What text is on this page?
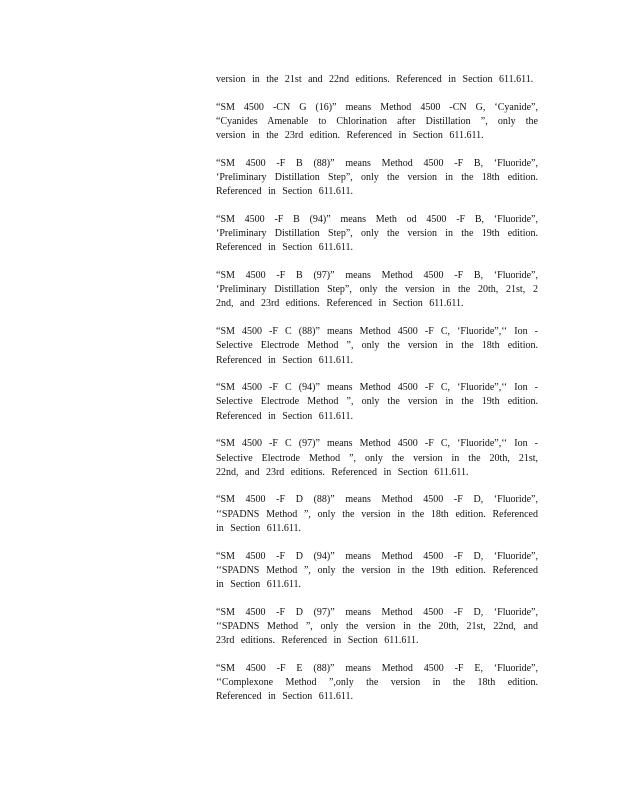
version in the 21st and 22nd editions. Referenced in Section 611.611.

“SM 4500 -CN G (16)” means Method 4500 -CN G, ‘Cyanide”, “Cyanides Amenable to Chlorination after Distillation ”, only the version in the 23rd edition. Referenced in Section 611.611.

“SM 4500 -F B (88)” means Method 4500 -F B, ‘Fluoride”, ‘Preliminary Distillation Step”, only the version in the 18th edition. Referenced in Section 611.611.

“SM 4500 -F B (94)” means Meth od 4500 -F B, ‘Fluoride”, ‘Preliminary Distillation Step”, only the version in the 19th edition. Referenced in Section 611.611.

“SM 4500 -F B (97)” means Method 4500 -F B, ‘Fluoride”, ‘Preliminary Distillation Step”, only the version in the 20th, 21st, 2 2nd, and 23rd editions. Referenced in Section 611.611.

“SM 4500 -F C (88)” means Method 4500 -F C, ‘Fluoride”,‘‘ Ion - Selective Electrode Method ”, only the version in the 18th edition. Referenced in Section 611.611.

“SM 4500 -F C (94)” means Method 4500 -F C, ‘Fluoride”,‘‘ Ion - Selective Electrode Method ”, only the version in the 19th edition. Referenced in Section 611.611.

“SM 4500 -F C (97)” means Method 4500 -F C, ‘Fluoride”,‘‘ Ion - Selective Electrode Method ”, only the version in the 20th, 21st, 22nd, and 23rd editions. Referenced in Section 611.611.

“SM 4500 -F D (88)” means Method 4500 -F D, ‘Fluoride”, ‘‘SPADNS Method ”, only the version in the 18th edition. Referenced in Section 611.611.

“SM 4500 -F D (94)” means Method 4500 -F D, ‘Fluoride”, ‘‘SPADNS Method ”, only the version in the 19th edition. Referenced in Section 611.611.

“SM 4500 -F D (97)” means Method 4500 -F D, ‘Fluoride”, ‘‘SPADNS Method ”, only the version in the 20th, 21st, 22nd, and 23rd editions. Referenced in Section 611.611.

“SM 4500 -F E (88)” means Method 4500 -F E, ‘Fluoride”, ‘‘Complexone Method ”,only the version in the 18th edition. Referenced in Section 611.611.
